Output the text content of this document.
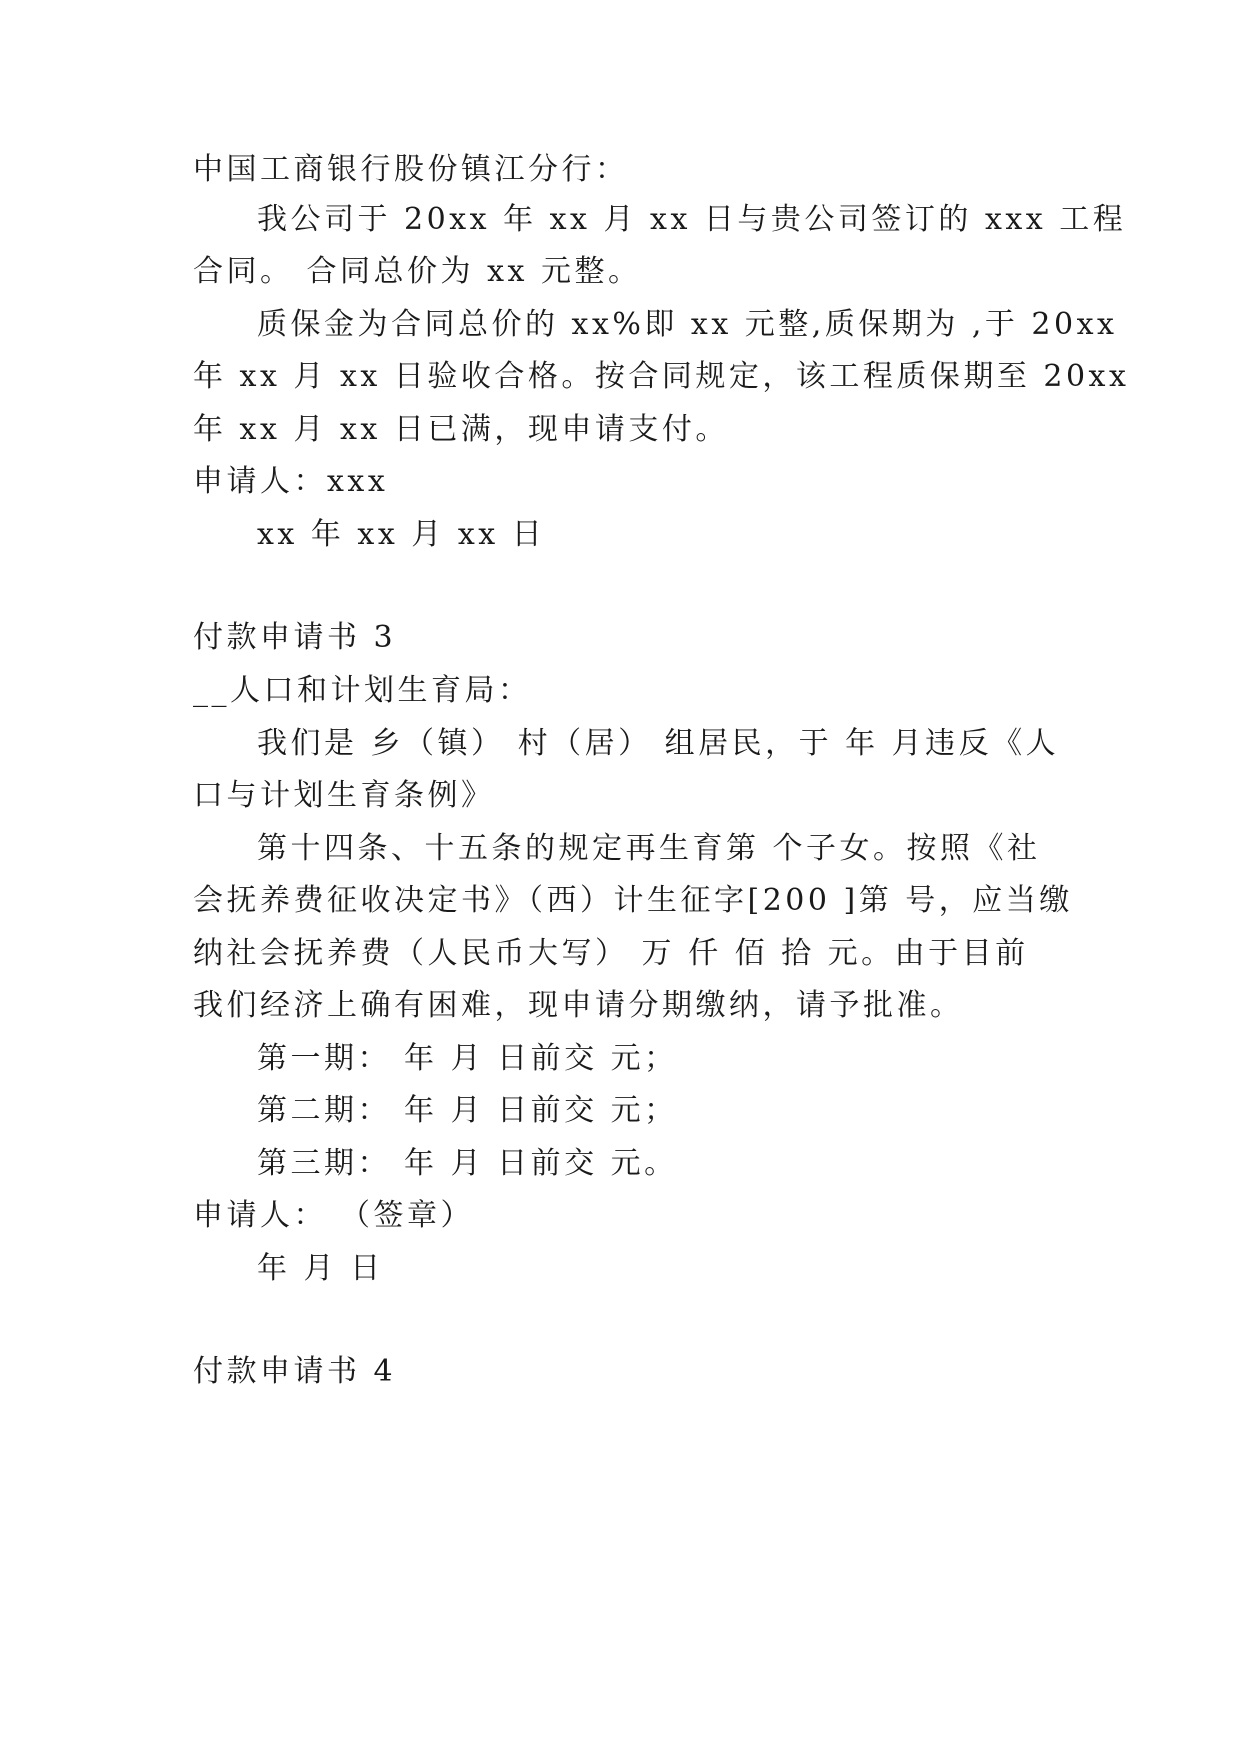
中国工商银行股份镇江分行：
我公司于 20xx 年 xx 月 xx 日与贵公司签订的 xxx 工程
合同。 合同总价为 xx 元整。
质保金为合同总价的 xx%即 xx 元整,质保期为 ,于 20xx
年 xx 月 xx 日验收合格。按合同规定，该工程质保期至 20xx
年 xx 月 xx 日已满，现申请支付。
申请人：xxx
xx 年 xx 月 xx 日
付款申请书 3
__人口和计划生育局：
我们是 乡（镇） 村（居） 组居民，于 年 月违反《人
口与计划生育条例》
第十四条、十五条的规定再生育第 个子女。按照《社
会抚养费征收决定书》（西）计生征字[200 ]第 号，应当缴
纳社会抚养费（人民币大写） 万 仟 佰 拾 元。由于目前
我们经济上确有困难，现申请分期缴纳，请予批准。
第一期： 年 月 日前交 元；
第二期： 年 月 日前交 元；
第三期： 年 月 日前交 元。
申请人： （签章）
年 月 日
付款申请书 4
